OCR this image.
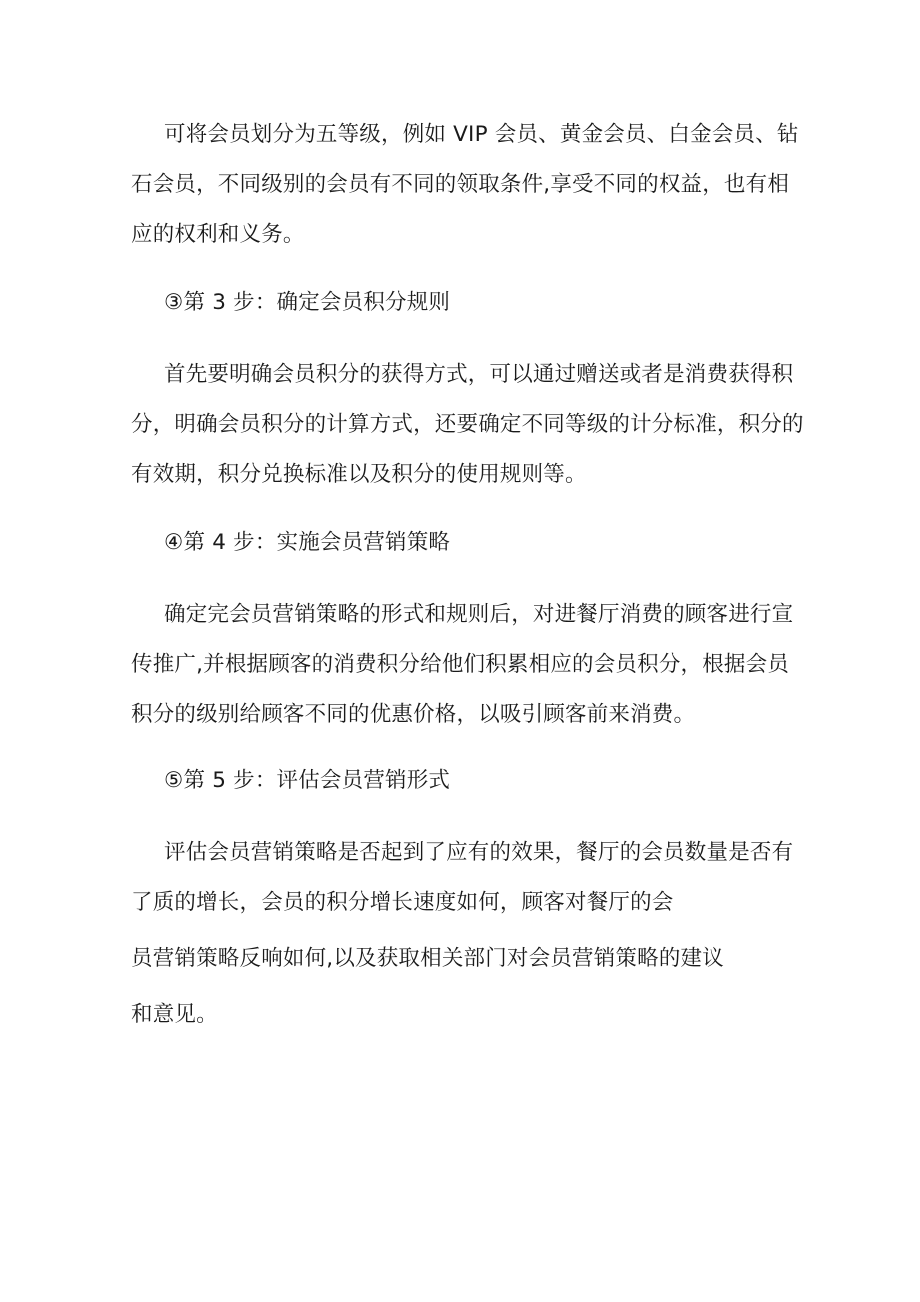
可将会员划分为五等级，例如 VIP 会员、黄金会员、白金会员、钻
石会员，不同级别的会员有不同的领取条件,享受不同的权益，也有相
应的权利和义务。
③第 3 步：确定会员积分规则
首先要明确会员积分的获得方式，可以通过赠送或者是消费获得积
分，明确会员积分的计算方式，还要确定不同等级的计分标准，积分的
有效期，积分兑换标准以及积分的使用规则等。
④第 4 步：实施会员营销策略
确定完会员营销策略的形式和规则后，对进餐厅消费的顾客进行宣
传推广,并根据顾客的消费积分给他们积累相应的会员积分，根据会员
积分的级别给顾客不同的优惠价格，以吸引顾客前来消费。
⑤第 5 步：评估会员营销形式
评估会员营销策略是否起到了应有的效果，餐厅的会员数量是否有
了质的增长，会员的积分增长速度如何，顾客对餐厅的会
员营销策略反响如何,以及获取相关部门对会员营销策略的建议
和意见。
